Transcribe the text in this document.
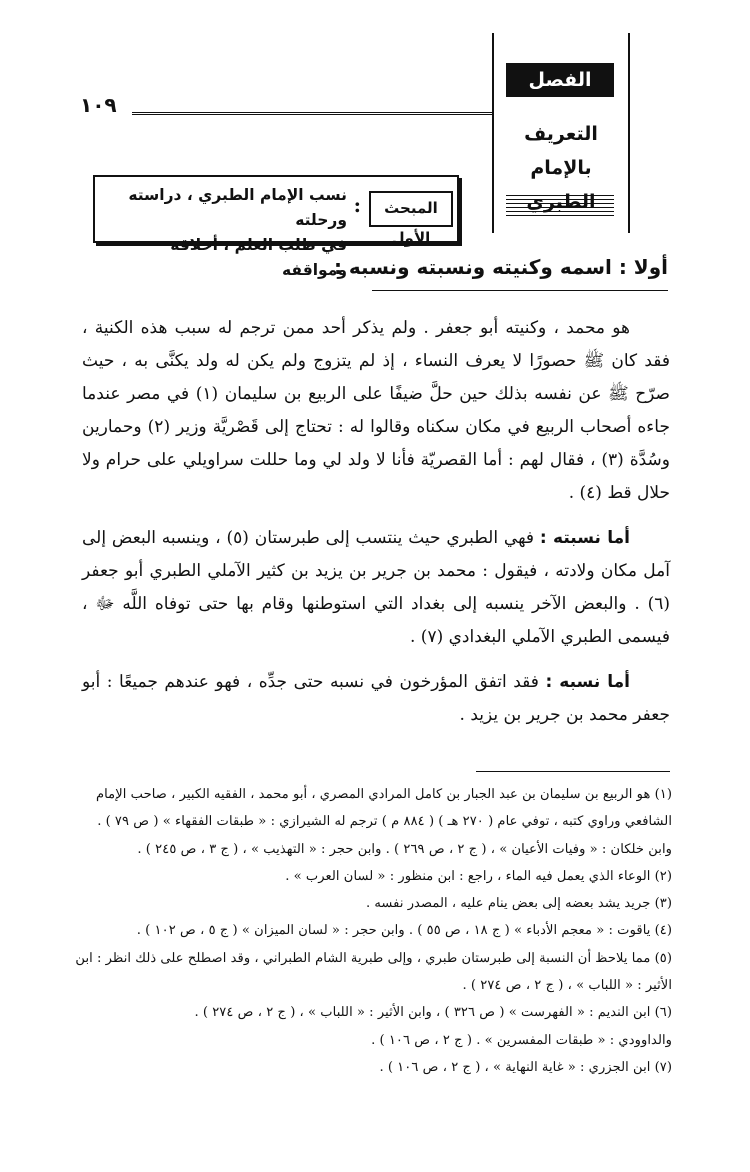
١٠٩
الفصل الثاني
التعريف بالإمام
الطبري
المبحث الأول
:
نسب الإمام الطبري ، دراسته ورحلته
في طلب العلم ، أخلاقه ومواقفه
أولا : اسمه وكنيته ونسبته ونسبه :

هو محمد ، وكنيته أبو جعفر . ولم يذكر أحد ممن ترجم له سبب هذه الكنية ، فقد كان ﷺ حصورًا لا يعرف النساء ، إذ لم يتزوج ولم يكن له ولد يكنَّى به ، حيث صرّح ﷺ عن نفسه بذلك حين حلَّ ضيفًا على الربيع بن سليمان (١) في مصر عندما جاءه أصحاب الربيع في مكان سكناه وقالوا له : تحتاج إلى قَصْريَّة وزير (٢) وحمارين وسُدَّة (٣) ، فقال لهم : أما القصريّة فأنا لا ولد لي وما حللت سراويلي على حرام ولا حلال قط (٤) .

أما نسبته : فهي الطبري حيث ينتسب إلى طبرستان (٥) ، وينسبه البعض إلى آمل مكان ولادته ، فيقول : محمد بن جرير بن يزيد بن كثير الآملي الطبري أبو جعفر (٦) . والبعض الآخر ينسبه إلى بغداد التي استوطنها وقام بها حتى توفاه اللَّه ﷻ ، فيسمى الطبري الآملي البغدادي (٧) .

أما نسبه : فقد اتفق المؤرخون في نسبه حتى جدِّه ، فهو عندهم جميعًا : أبو جعفر محمد بن جرير بن يزيد .

(١) هو الربيع بن سليمان بن عبد الجبار بن كامل المرادي المصري ، أبو محمد ، الفقيه الكبير ، صاحب الإمام
الشافعي وراوي كتبه ، توفي عام ( ٢٧٠ هـ ) ( ٨٨٤ م ) ترجم له الشيرازي : « طبقات الفقهاء » ( ص ٧٩ ) .
وابن خلكان : « وفيات الأعيان » ، ( ج ٢ ، ص ٢٦٩ ) . وابن حجر : « التهذيب » ، ( ج ٣ ، ص ٢٤٥ ) .
(٢) الوعاء الذي يعمل فيه الماء ، راجع : ابن منظور : « لسان العرب » .
(٣) جريد يشد بعضه إلى بعض ينام عليه ، المصدر نفسه .
(٤) ياقوت : « معجم الأدباء » ( ج ١٨ ، ص ٥٥ ) . وابن حجر : « لسان الميزان » ( ج ٥ ، ص ١٠٢ ) .
(٥) مما يلاحظ أن النسبة إلى طبرستان طبري ، وإلى طبرية الشام الطبراني ، وقد اصطلح على ذلك انظر : ابن
الأثير : « اللباب » ، ( ج ٢ ، ص ٢٧٤ ) .
(٦) ابن النديم : « الفهرست » ( ص ٣٢٦ ) ، وابن الأثير : « اللباب » ، ( ج ٢ ، ص ٢٧٤ ) .
والداوودي : « طبقات المفسرين » . ( ج ٢ ، ص ١٠٦ ) .
(٧) ابن الجزري : « غاية النهاية » ، ( ج ٢ ، ص ١٠٦ ) .
